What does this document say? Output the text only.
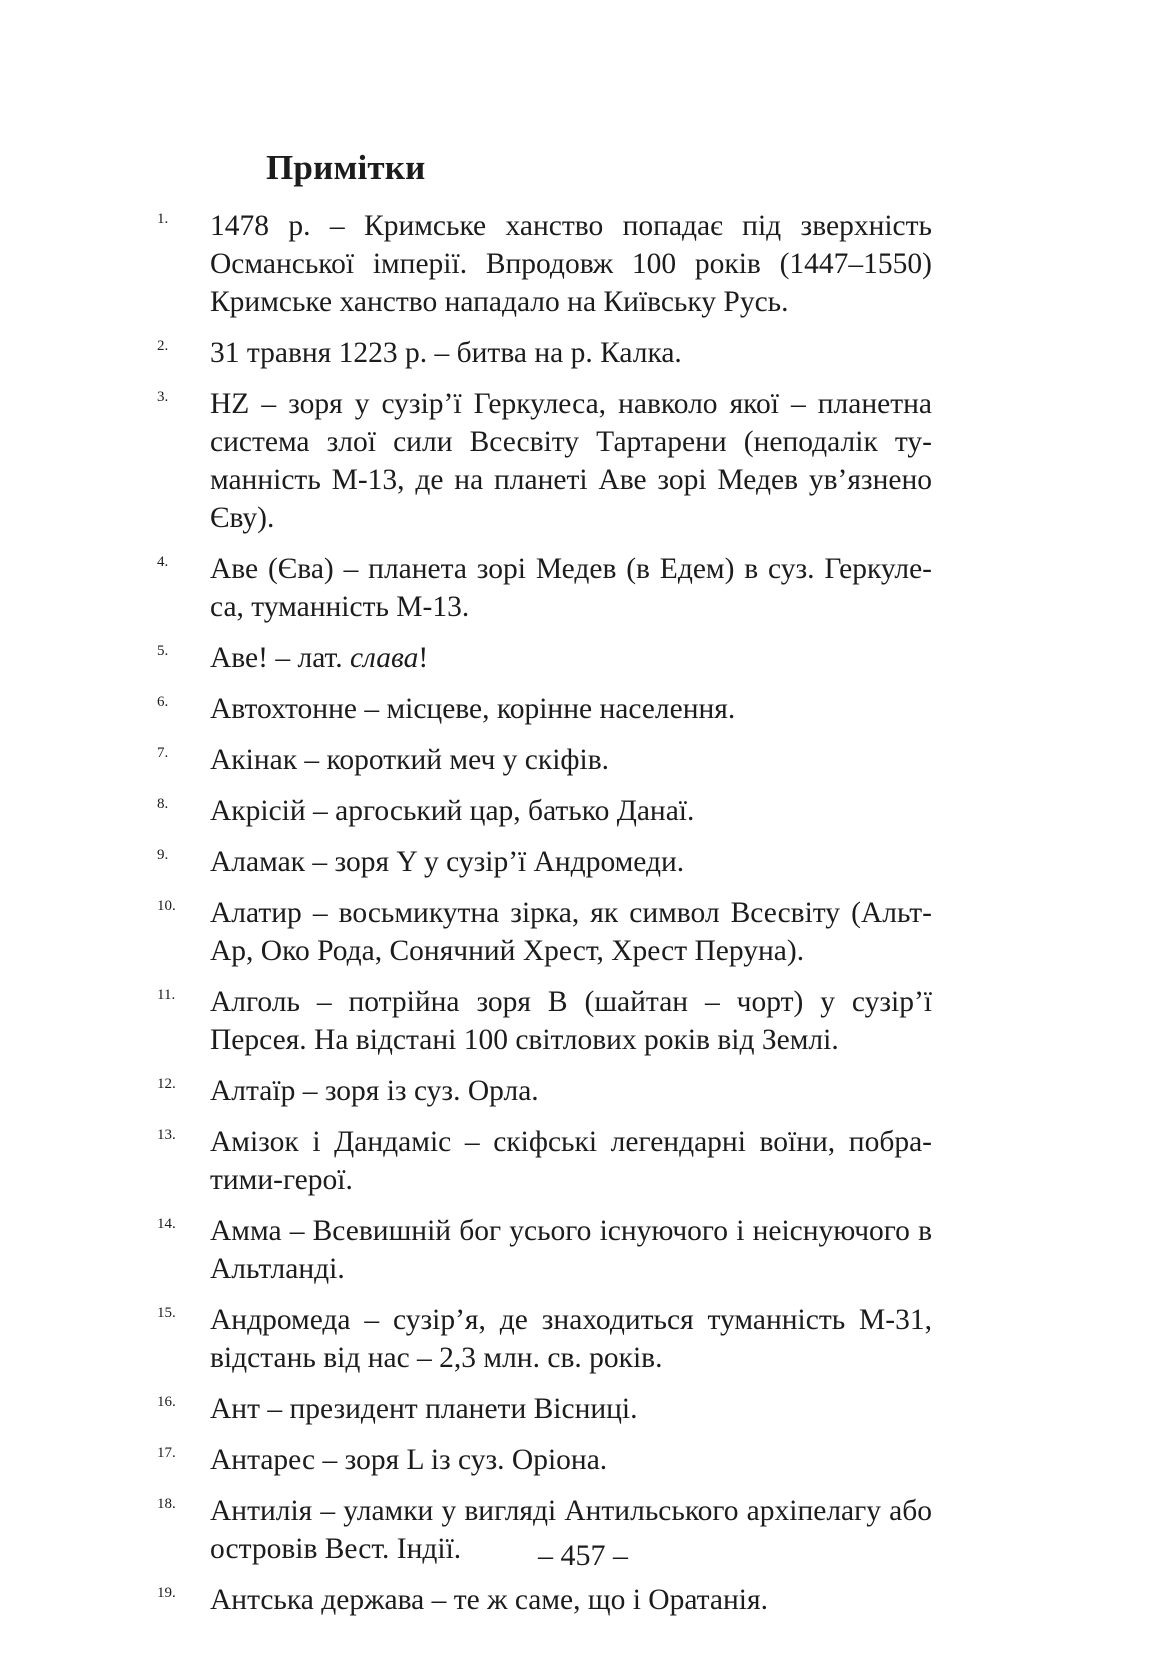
Примітки
1. 1478 р. – Кримське ханство попадає під зверхність Османської імперії. Впродовж 100 років (1447–1550) Кримське ханство нападало на Київську Русь.
2. 31 травня 1223 р. – битва на р. Калка.
3. HZ – зоря у сузір’ї Геркулеса, навколо якої – планетна система злої сили Всесвіту Тартарени (неподалік туманність М-13, де на планеті Аве зорі Медев ув’язнено Єву).
4. Аве (Єва) – планета зорі Медев (в Едем) в суз. Геркулеса, туманність М-13.
5. Аве! – лат. слава!
6. Автохтонне – місцеве, корінне населення.
7. Акінак – короткий меч у скіфів.
8. Акрісій – аргоський цар, батько Данаї.
9. Аламак – зоря Y у сузір’ї Андромеди.
10. Алатир – восьмикутна зірка, як символ Всесвіту (Альт-Ар, Око Рода, Сонячний Хрест, Хрест Перуна).
11. Алголь – потрійна зоря B (шайтан – чорт) у сузір’ї Персея. На відстані 100 світлових років від Землі.
12. Алтаїр – зоря із суз. Орла.
13. Амізок і Дандаміс – скіфські легендарні воїни, побратими-герої.
14. Амма – Всевишній бог усього існуючого і неіснуючого в Альтланді.
15. Андромеда – сузір’я, де знаходиться туманність М-31, відстань від нас – 2,3 млн. св. років.
16. Ант – президент планети Вісниці.
17. Антарес – зоря L із суз. Оріона.
18. Антилія – уламки у вигляді Антильського архіпелагу або островів Вест. Індії.
19. Антська держава – те ж саме, що і Оратанія.
– 457 –
